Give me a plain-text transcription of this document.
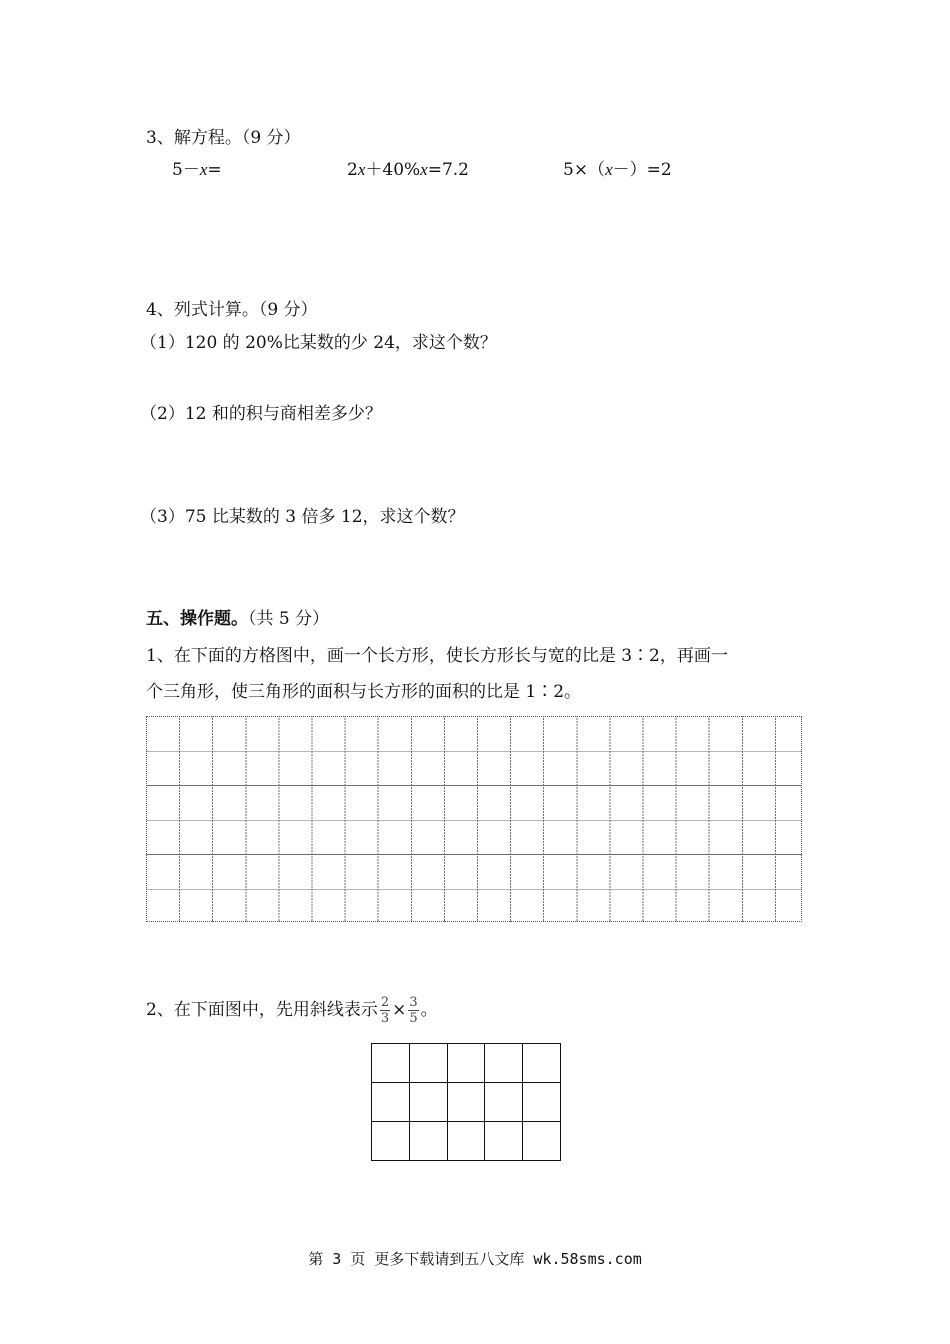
3、解方程。（9 分）
5－x=	2x＋40%x=7.2	5×（x－）=2
4、列式计算。（9 分）
（1）120 的 20%比某数的少 24，求这个数？
（2）12 和的积与商相差多少？
（3）75 比某数的 3 倍多 12，求这个数？
五、操作题。（共 5 分）
1、在下面的方格图中，画一个长方形，使长方形长与宽的比是 3∶2，再画一
个三角形，使三角形的面积与长方形的面积的比是 1∶2。
2、在下面图中，先用斜线表示 $\frac{2}{3} \times \frac{3}{5}$ 。

第 3 页 更多下载请到五八文库 wk.58sms.com
